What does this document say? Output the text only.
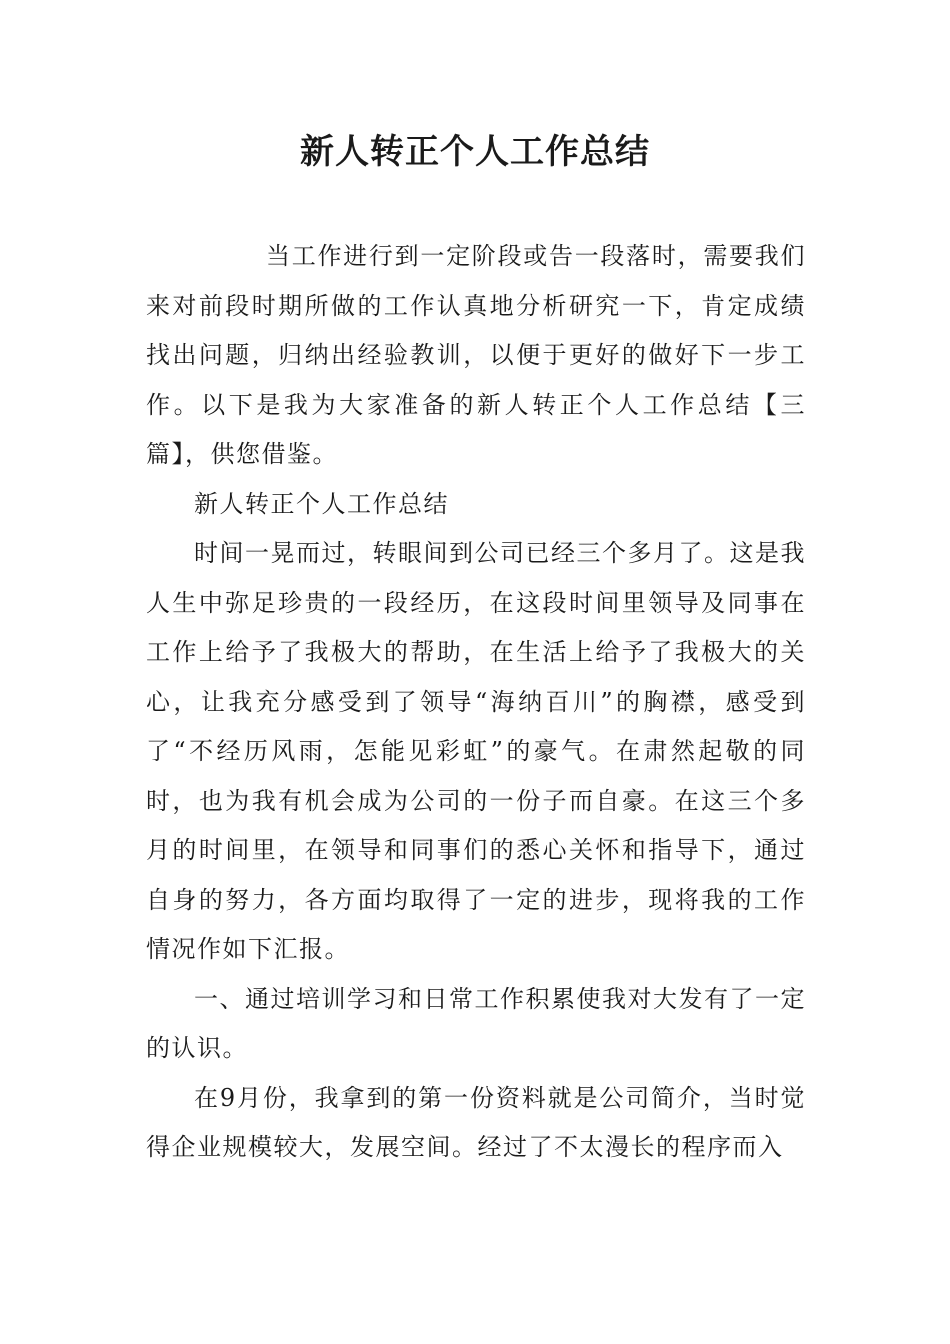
新人转正个人工作总结

当工作进行到一定阶段或告一段落时，需要我们来对前段时期所做的工作认真地分析研究一下，肯定成绩找出问题，归纳出经验教训，以便于更好的做好下一步工作。以下是我为大家准备的新人转正个人工作总结【三篇】，供您借鉴。

新人转正个人工作总结

时间一晃而过，转眼间到公司已经三个多月了。这是我人生中弥足珍贵的一段经历，在这段时间里领导及同事在工作上给予了我极大的帮助，在生活上给予了我极大的关心，让我充分感受到了领导“海纳百川”的胸襟，感受到了“不经历风雨，怎能见彩虹”的豪气。在肃然起敬的同时，也为我有机会成为公司的一份子而自豪。在这三个多月的时间里，在领导和同事们的悉心关怀和指导下，通过自身的努力，各方面均取得了一定的进步，现将我的工作情况作如下汇报。

一、通过培训学习和日常工作积累使我对大发有了一定的认识。

在9月份，我拿到的第一份资料就是公司简介，当时觉得企业规模较大，发展空间。经过了不太漫长的程序而入
